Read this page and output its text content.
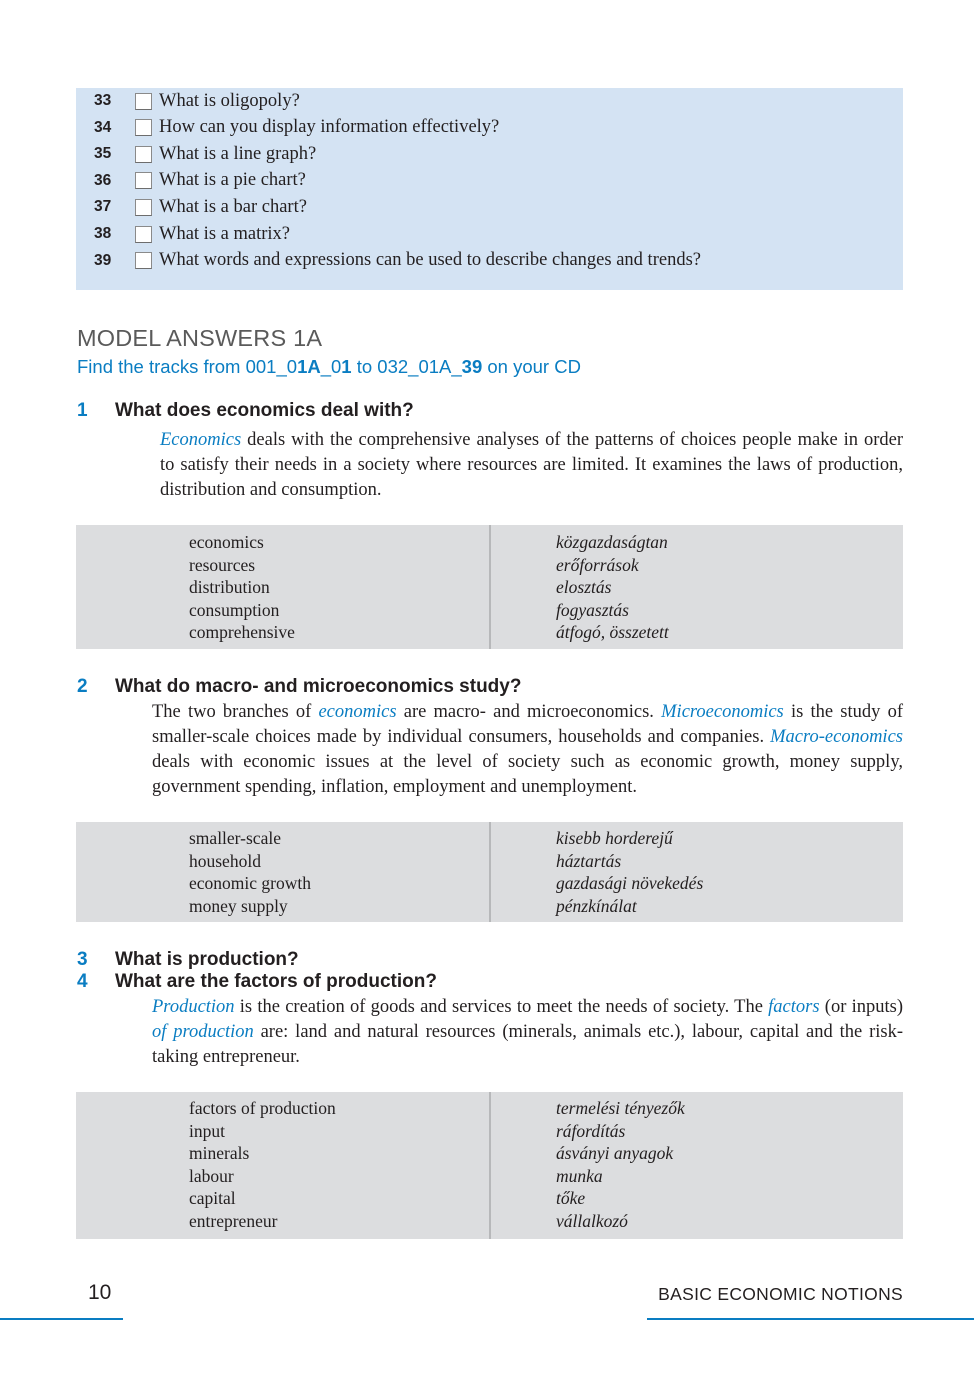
33	What is oligopoly?
34	How can you display information effectively?
35	What is a line graph?
36	What is a pie chart?
37	What is a bar chart?
38	What is a matrix?
39	What words and expressions can be used to describe changes and trends?
MODEL ANSWERS 1A
Find the tracks from 001_01A_01 to 032_01A_39 on your CD
1	What does economics deal with?
Economics deals with the comprehensive analyses of the patterns of choices people make in order to satisfy their needs in a society where resources are limited. It examines the laws of production, distribution and consumption.
economics	közgazdaságtan
resources	erőforrások
distribution	elosztás
consumption	fogyasztás
comprehensive	átfogó, összetett
2	What do macro- and microeconomics study?
The two branches of economics are macro- and microeconomics. Microeconomics is the study of smaller-scale choices made by individual consumers, households and companies. Macro-economics deals with economic issues at the level of society such as economic growth, money supply, government spending, inflation, employment and unemployment.
smaller-scale	kisebb horderejű
household	háztartás
economic growth	gazdasági növekedés
money supply	pénzkínálat
3	What is production?
4	What are the factors of production?
Production is the creation of goods and services to meet the needs of society. The factors (or inputs) of production are: land and natural resources (minerals, animals etc.), labour, capital and the risk-taking entrepreneur.
factors of production	termelési tényezők
input	ráfordítás
minerals	ásványi anyagok
labour	munka
capital	tőke
entrepreneur	vállalkozó
10	BASIC ECONOMIC NOTIONS
